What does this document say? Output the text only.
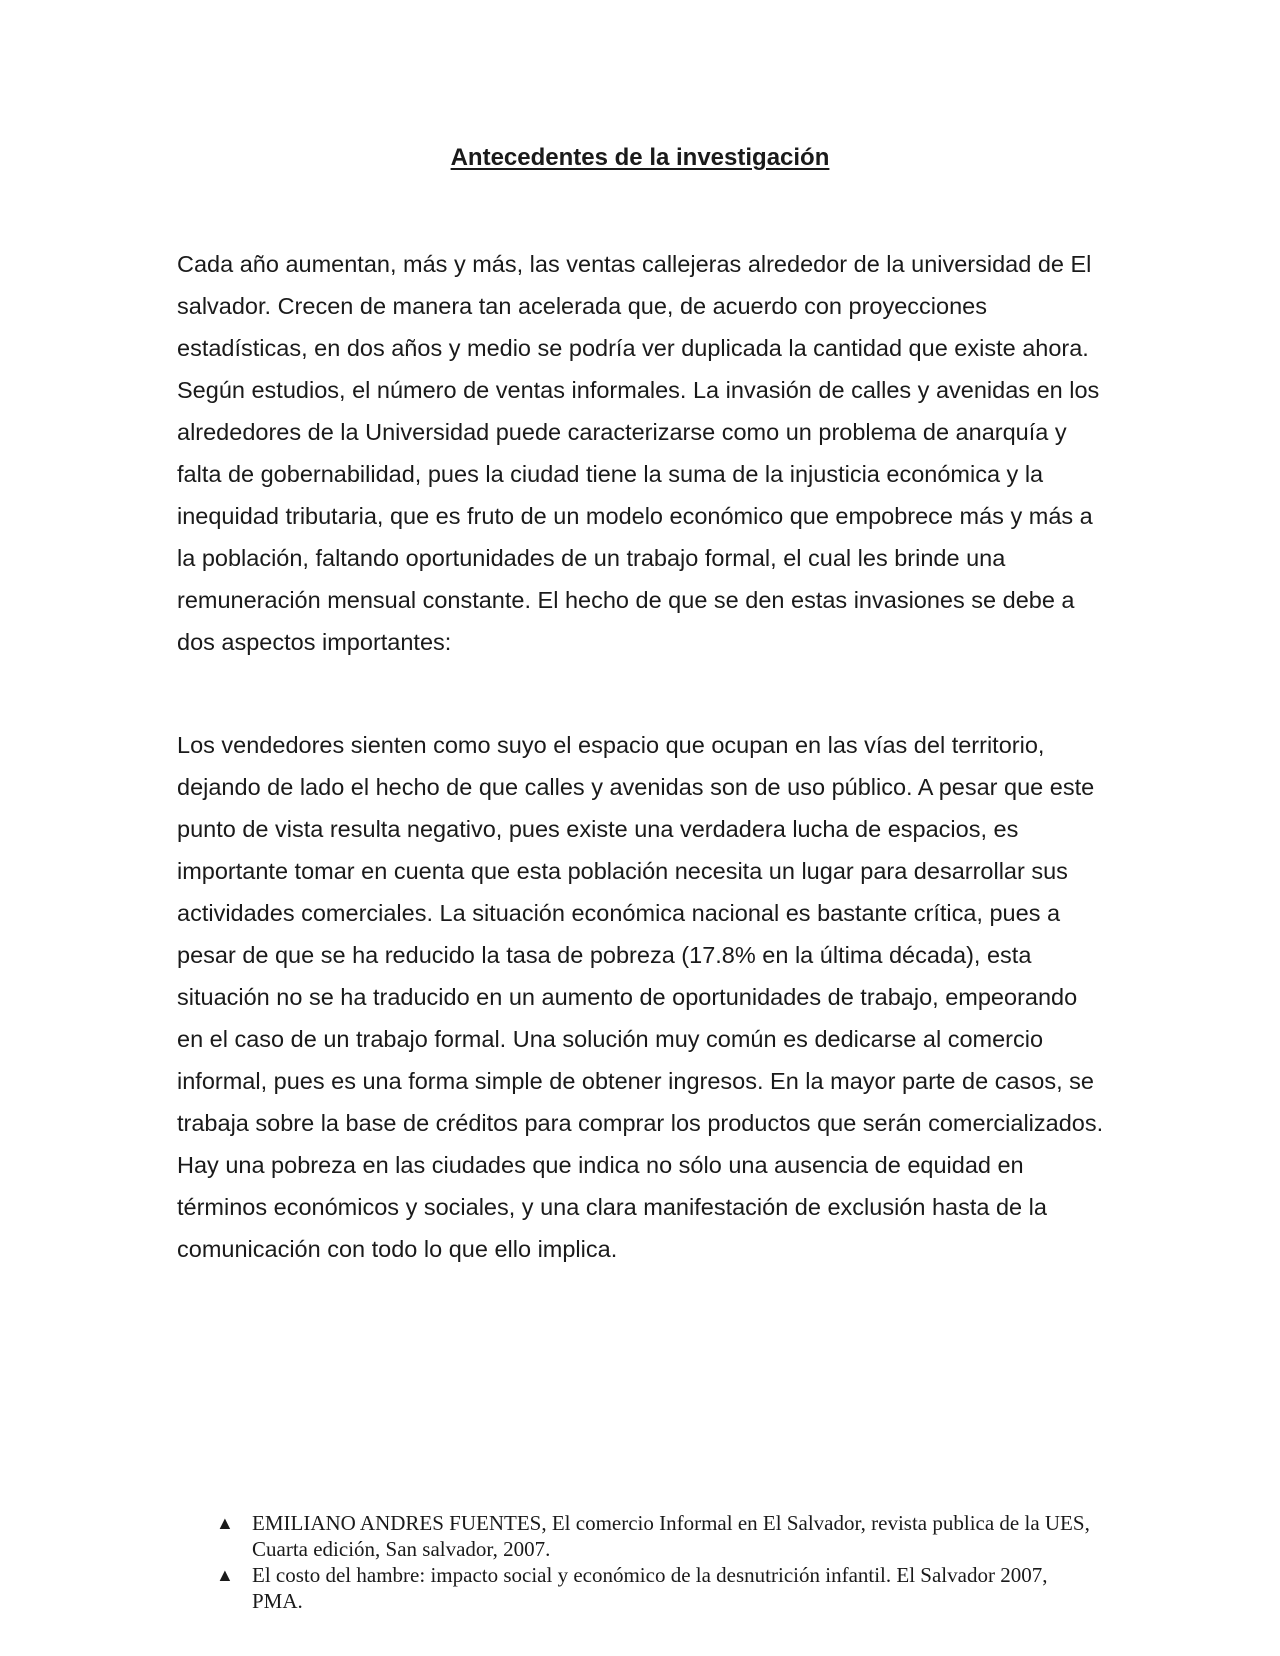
Antecedentes de la investigación

Cada año aumentan, más y más, las ventas callejeras alrededor de la universidad de El salvador. Crecen de manera tan acelerada que, de acuerdo con proyecciones estadísticas, en dos años y medio se podría ver duplicada la cantidad que existe ahora. Según estudios, el número de ventas informales. La invasión de calles y avenidas en los alrededores de la Universidad puede caracterizarse como un problema de anarquía y falta de gobernabilidad, pues la ciudad tiene la suma de la injusticia económica y la inequidad tributaria, que es fruto de un modelo económico que empobrece más y más a la población, faltando oportunidades de un trabajo formal, el cual les brinde una remuneración mensual constante. El hecho de que se den estas invasiones se debe a dos aspectos importantes:

Los vendedores sienten como suyo el espacio que ocupan en las vías del territorio, dejando de lado el hecho de que calles y avenidas son de uso público. A pesar que este punto de vista resulta negativo, pues existe una verdadera lucha de espacios, es importante tomar en cuenta que esta población necesita un lugar para desarrollar sus actividades comerciales. La situación económica nacional es bastante crítica, pues a pesar de que se ha reducido la tasa de pobreza (17.8% en la última década), esta situación no se ha traducido en un aumento de oportunidades de trabajo, empeorando en el caso de un trabajo formal. Una solución muy común es dedicarse al comercio informal, pues es una forma simple de obtener ingresos. En la mayor parte de casos, se trabaja sobre la base de créditos para comprar los productos que serán comercializados. Hay una pobreza en las ciudades que indica no sólo una ausencia de equidad en términos económicos y sociales, y una clara manifestación de exclusión hasta de la comunicación con todo lo que ello implica.

▲ EMILIANO ANDRES FUENTES, El comercio Informal en El Salvador, revista publica de la UES, Cuarta edición, San salvador, 2007.
▲ El costo del hambre: impacto social y económico de la desnutrición infantil. El Salvador 2007, PMA.
